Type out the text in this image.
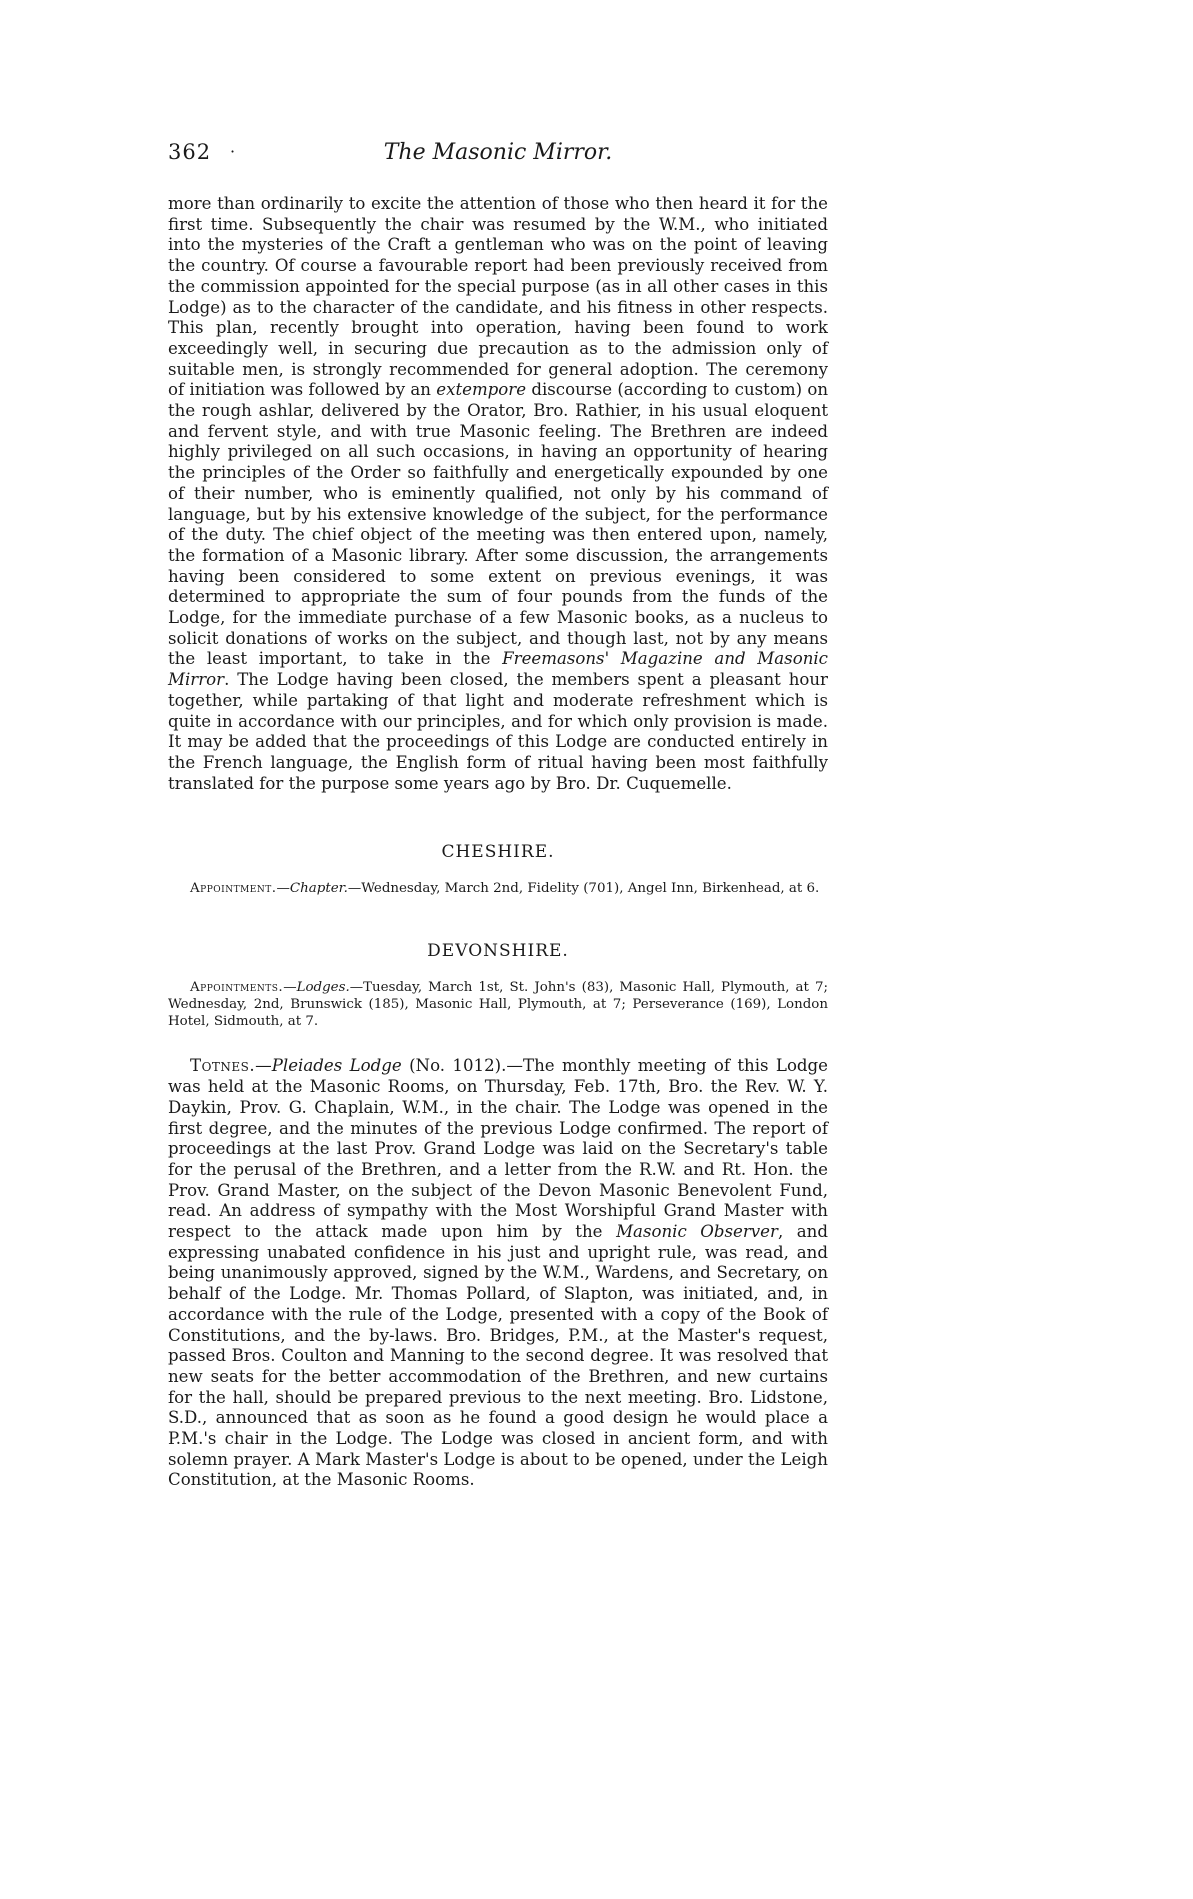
362 ·	The Masonic Mirror.

more than ordinarily to excite the attention of those who then heard it for the first time. Subsequently the chair was resumed by the W.M., who initiated into the mysteries of the Craft a gentleman who was on the point of leaving the country. Of course a favourable report had been previously received from the commission appointed for the special purpose (as in all other cases in this Lodge) as to the character of the candidate, and his fitness in other respects. This plan, recently brought into operation, having been found to work exceedingly well, in securing due precaution as to the admission only of suitable men, is strongly recommended for general adoption. The ceremony of initiation was followed by an extempore discourse (according to custom) on the rough ashlar, delivered by the Orator, Bro. Rathier, in his usual eloquent and fervent style, and with true Masonic feeling. The Brethren are indeed highly privileged on all such occasions, in having an opportunity of hearing the principles of the Order so faithfully and energetically expounded by one of their number, who is eminently qualified, not only by his command of language, but by his extensive knowledge of the subject, for the performance of the duty. The chief object of the meeting was then entered upon, namely, the formation of a Masonic library. After some discussion, the arrangements having been considered to some extent on previous evenings, it was determined to appropriate the sum of four pounds from the funds of the Lodge, for the immediate purchase of a few Masonic books, as a nucleus to solicit donations of works on the subject, and though last, not by any means the least important, to take in the Freemasons' Magazine and Masonic Mirror. The Lodge having been closed, the members spent a pleasant hour together, while partaking of that light and moderate refreshment which is quite in accordance with our principles, and for which only provision is made. It may be added that the proceedings of this Lodge are conducted entirely in the French language, the English form of ritual having been most faithfully translated for the purpose some years ago by Bro. Dr. Cuquemelle.

CHESHIRE.

Appointment.—Chapter.—Wednesday, March 2nd, Fidelity (701), Angel Inn, Birkenhead, at 6.

DEVONSHIRE.

Appointments.—Lodges.—Tuesday, March 1st, St. John's (83), Masonic Hall, Plymouth, at 7; Wednesday, 2nd, Brunswick (185), Masonic Hall, Plymouth, at 7; Perseverance (169), London Hotel, Sidmouth, at 7.

Totnes.—Pleiades Lodge (No. 1012).—The monthly meeting of this Lodge was held at the Masonic Rooms, on Thursday, Feb. 17th, Bro. the Rev. W. Y. Daykin, Prov. G. Chaplain, W.M., in the chair. The Lodge was opened in the first degree, and the minutes of the previous Lodge confirmed. The report of proceedings at the last Prov. Grand Lodge was laid on the Secretary's table for the perusal of the Brethren, and a letter from the R.W. and Rt. Hon. the Prov. Grand Master, on the subject of the Devon Masonic Benevolent Fund, read. An address of sympathy with the Most Worshipful Grand Master with respect to the attack made upon him by the Masonic Observer, and expressing unabated confidence in his just and upright rule, was read, and being unanimously approved, signed by the W.M., Wardens, and Secretary, on behalf of the Lodge. Mr. Thomas Pollard, of Slapton, was initiated, and, in accordance with the rule of the Lodge, presented with a copy of the Book of Constitutions, and the by-laws. Bro. Bridges, P.M., at the Master's request, passed Bros. Coulton and Manning to the second degree. It was resolved that new seats for the better accommodation of the Brethren, and new curtains for the hall, should be prepared previous to the next meeting. Bro. Lidstone, S.D., announced that as soon as he found a good design he would place a P.M.'s chair in the Lodge. The Lodge was closed in ancient form, and with solemn prayer. A Mark Master's Lodge is about to be opened, under the Leigh Constitution, at the Masonic Rooms.
